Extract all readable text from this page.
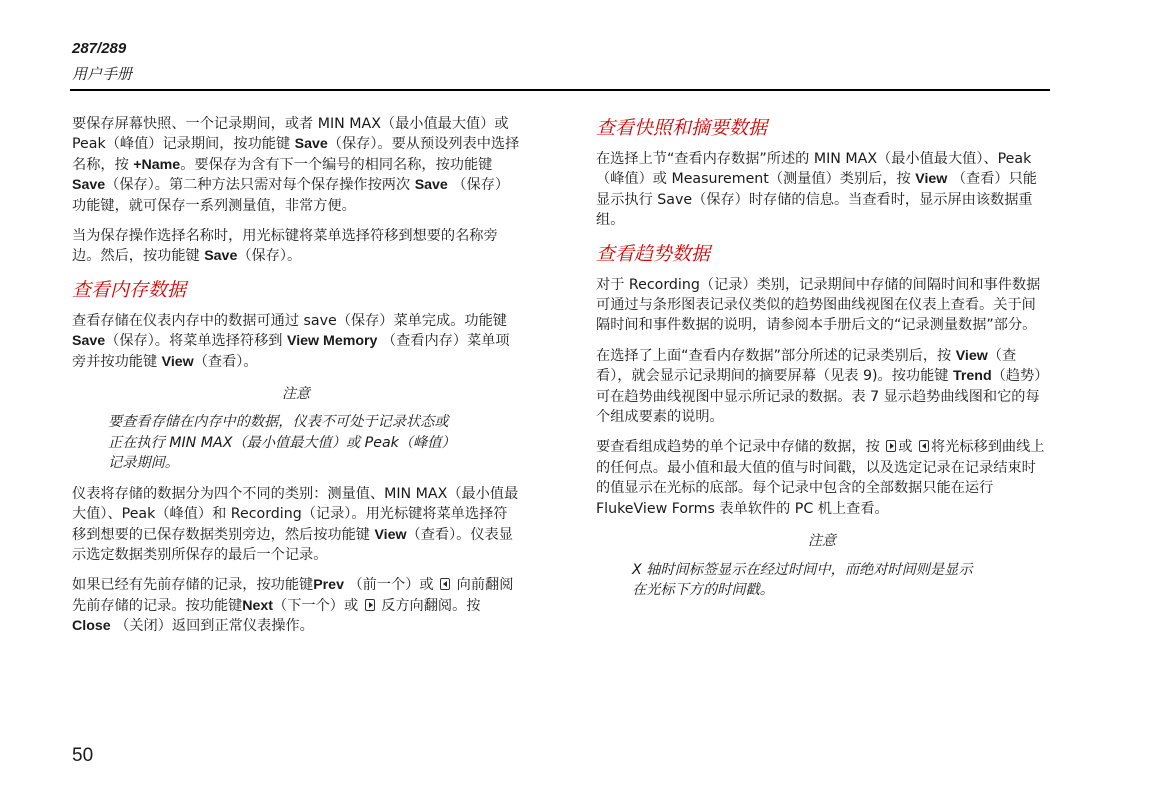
287/289
用户手册

要保存屏幕快照、一个记录期间，或者 MIN MAX（最小值最大值）或 Peak（峰值）记录期间，按功能键 Save（保存）。要从预设列表中选择名称，按 +Name。要保存为含有下一个编号的相同名称，按功能键 Save（保存）。第二种方法只需对每个保存操作按两次 Save （保存）功能键，就可保存一系列测量值，非常方便。

当为保存操作选择名称时，用光标键将菜单选择符移到想要的名称旁边。然后，按功能键 Save（保存）。

查看内存数据

查看存储在仪表内存中的数据可通过 save（保存）菜单完成。功能键 Save（保存）。将菜单选择符移到 View Memory （查看内存）菜单项旁并按功能键 View（查看）。

注意
要查看存储在内存中的数据，仪表不可处于记录状态或
正在执行 MIN MAX（最小值最大值）或 Peak（峰值）
记录期间。

仪表将存储的数据分为四个不同的类别：测量值、MIN MAX（最小值最大值）、Peak（峰值）和 Recording（记录）。用光标键将菜单选择符移到想要的已保存数据类别旁边，然后按功能键 View（查看）。仪表显示选定数据类别所保存的最后一个记录。

如果已经有先前存储的记录，按功能键Prev （前一个）或  向前翻阅先前存储的记录。按功能键Next（下一个）或  反方向翻阅。按 Close （关闭）返回到正常仪表操作。

查看快照和摘要数据

在选择上节“查看内存数据”所述的 MIN MAX（最小值最大值）、Peak（峰值）或 Measurement（测量值）类别后，按 View （查看）只能显示执行 Save（保存）时存储的信息。当查看时，显示屏由该数据重组。

查看趋势数据

对于 Recording（记录）类别，记录期间中存储的间隔时间和事件数据可通过与条形图表记录仪类似的趋势图曲线视图在仪表上查看。关于间隔时间和事件数据的说明，请参阅本手册后文的“记录测量数据”部分。

在选择了上面“查看内存数据”部分所述的记录类别后，按 View（查看），就会显示记录期间的摘要屏幕（见表 9)。按功能键 Trend（趋势）可在趋势曲线视图中显示所记录的数据。表 7 显示趋势曲线图和它的每个组成要素的说明。

要查看组成趋势的单个记录中存储的数据，按 或 将光标移到曲线上的任何点。最小值和最大值的值与时间戳，以及选定记录在记录结束时的值显示在光标的底部。每个记录中包含的全部数据只能在运行 FlukeView Forms 表单软件的 PC 机上查看。

注意
X 轴时间标签显示在经过时间中，而绝对时间则是显示
在光标下方的时间戳。
50
